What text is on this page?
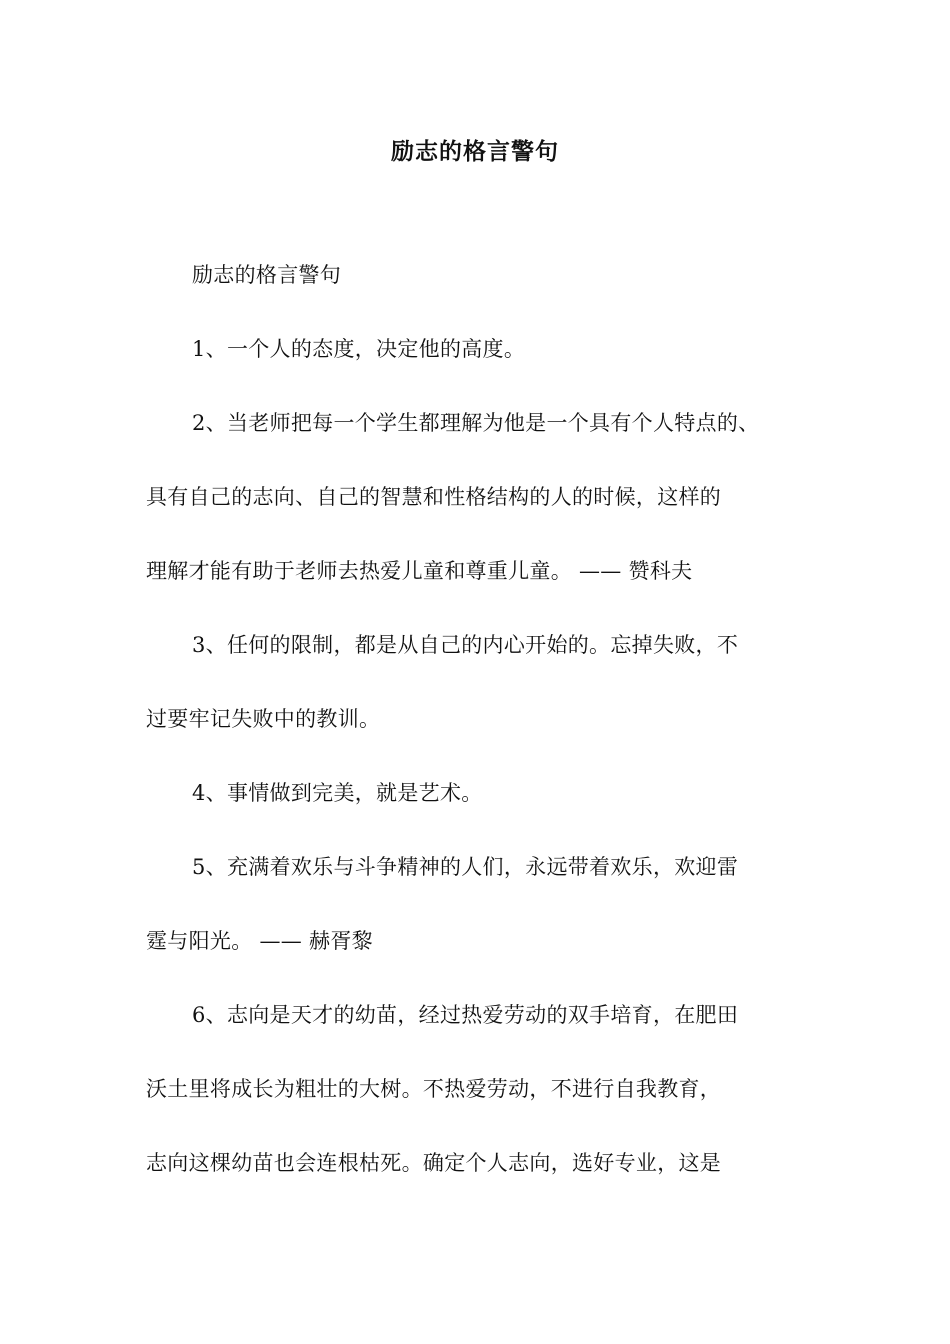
励志的格言警句
励志的格言警句
1、一个人的态度，决定他的高度。
2、当老师把每一个学生都理解为他是一个具有个人特点的、
具有自己的志向、自己的智慧和性格结构的人的时候，这样的
理解才能有助于老师去热爱儿童和尊重儿童。 —— 赞科夫
3、任何的限制，都是从自己的内心开始的。忘掉失败，不
过要牢记失败中的教训。
4、事情做到完美，就是艺术。
5、充满着欢乐与斗争精神的人们，永远带着欢乐，欢迎雷
霆与阳光。 —— 赫胥黎
6、志向是天才的幼苗，经过热爱劳动的双手培育，在肥田
沃土里将成长为粗壮的大树。不热爱劳动，不进行自我教育，
志向这棵幼苗也会连根枯死。确定个人志向，选好专业，这是
